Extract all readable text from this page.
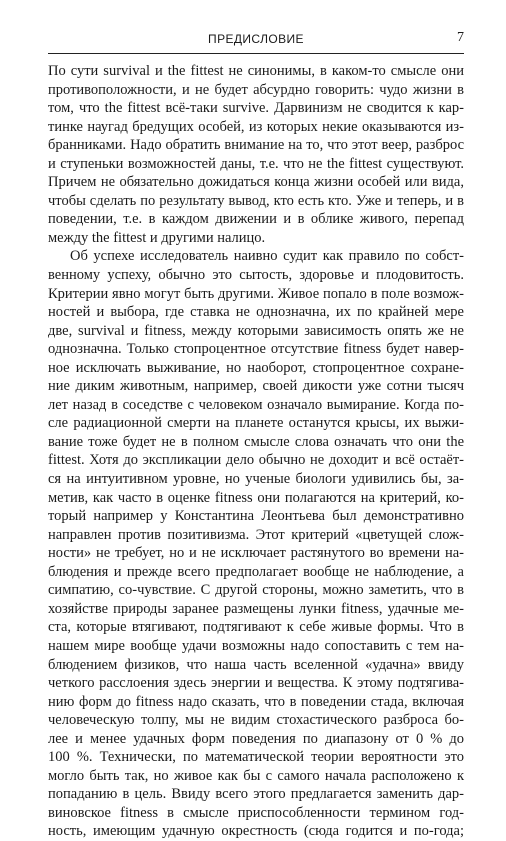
ПРЕДИСЛОВИЕ	7

По сути survival и the fittest не синонимы, в каком-то смысле они
противоположности, и не будет абсурдно говорить: чудо жизни в
том, что the fittest всё-таки survive. Дарвинизм не сводится к кар-
тинке наугад бредущих особей, из которых некие оказываются из-
бранниками. Надо обратить внимание на то, что этот веер, разброс
и ступеньки возможностей даны, т.е. что не the fittest существуют.
Причем не обязательно дожидаться конца жизни особей или вида,
чтобы сделать по результату вывод, кто есть кто. Уже и теперь, и в
поведении, т.е. в каждом движении и в облике живого, перепад
между the fittest и другими налицо.

Об успехе исследователь наивно судит как правило по собст-
венному успеху, обычно это сытость, здоровье и плодовитость.
Критерии явно могут быть другими. Живое попало в поле возмож-
ностей и выбора, где ставка не однозначна, их по крайней мере
две, survival и fitness, между которыми зависимость опять же не
однозначна. Только стопроцентное отсутствие fitness будет навер-
ное исключать выживание, но наоборот, стопроцентное сохране-
ние диким животным, например, своей дикости уже сотни тысяч
лет назад в соседстве с человеком означало вымирание. Когда по-
сле радиационной смерти на планете останутся крысы, их выжи-
вание тоже будет не в полном смысле слова означать что они the
fittest. Хотя до экспликации дело обычно не доходит и всё остаёт-
ся на интуитивном уровне, но ученые биологи удивились бы, за-
метив, как часто в оценке fitness они полагаются на критерий, ко-
торый например у Константина Леонтьева был демонстративно
направлен против позитивизма. Этот критерий «цветущей слож-
ности» не требует, но и не исключает растянутого во времени на-
блюдения и прежде всего предполагает вообще не наблюдение, а
симпатию, со-чувствие. С другой стороны, можно заметить, что в
хозяйстве природы заранее размещены лунки fitness, удачные ме-
ста, которые втягивают, подтягивают к себе живые формы. Что в
нашем мире вообще удачи возможны надо сопоставить с тем на-
блюдением физиков, что наша часть вселенной «удачна» ввиду
четкого расслоения здесь энергии и вещества. К этому подтягива-
нию форм до fitness надо сказать, что в поведении стада, включая
человеческую толпу, мы не видим стохастического разброса бо-
лее и менее удачных форм поведения по диапазону от 0 % до
100 %. Технически, по математической теории вероятности это
могло быть так, но живое как бы с самого начала расположено к
попаданию в цель. Ввиду всего этого предлагается заменить дар-
виновское fitness в смысле приспособленности термином год-
ность, имеющим удачную окрестность (сюда годится и по-года;
